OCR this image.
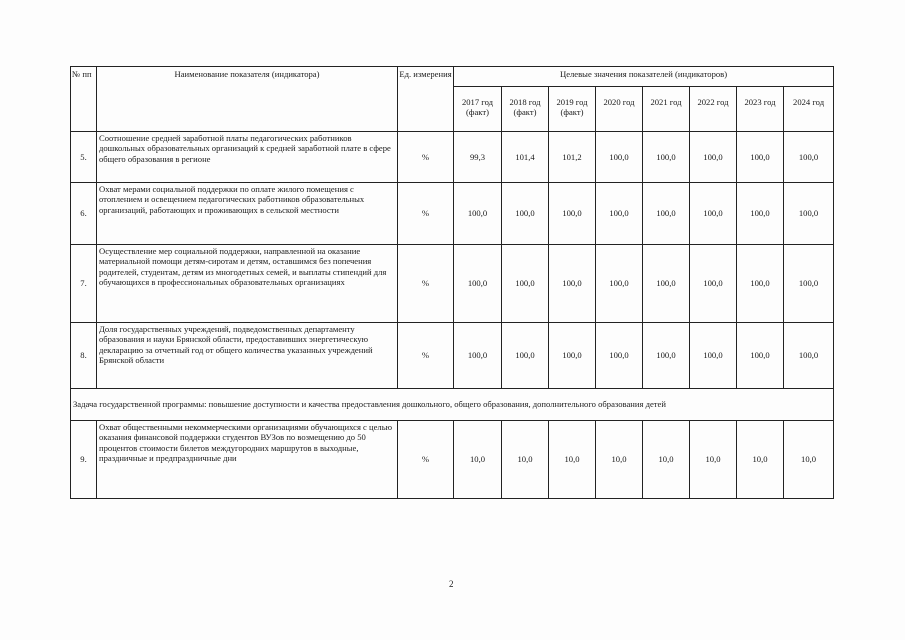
№ пп	Наименование показателя (индикатора)	Ед. измерения	Целевые значения показателей (индикаторов)							
			2017 год (факт)	2018 год (факт)	2019 год (факт)	2020 год	2021 год	2022 год	2023 год	2024 год
5.	Соотношение средней заработной платы педагогических работников дошкольных образовательных организаций к средней заработной плате в сфере общего образования в регионе	%	99,3	101,4	101,2	100,0	100,0	100,0	100,0	100,0
6.	Охват мерами социальной поддержки по оплате жилого помещения с отоплением и освещением педагогических работников образовательных организаций, работающих и проживающих в сельской местности	%	100,0	100,0	100,0	100,0	100,0	100,0	100,0	100,0
7.	Осуществление мер социальной поддержки, направленной на оказание материальной помощи детям-сиротам и детям, оставшимся без попечения родителей, студентам, детям из многодетных семей, и выплаты стипендий для обучающихся в профессиональных образовательных организациях	%	100,0	100,0	100,0	100,0	100,0	100,0	100,0	100,0
8.	Доля государственных учреждений, подведомственных департаменту образования и науки Брянской области, предоставивших энергетическую декларацию за отчетный год от общего количества указанных учреждений Брянской области	%	100,0	100,0	100,0	100,0	100,0	100,0	100,0	100,0
Задача государственной программы: повышение доступности и качества предоставления дошкольного, общего образования, дополнительного образования детей										
9.	Охват общественными некоммерческими организациями обучающихся с целью оказания финансовой поддержки студентов ВУЗов по возмещению до 50 процентов стоимости билетов междугородних маршрутов в выходные, праздничные и предпраздничные дни	%	10,0	10,0	10,0	10,0	10,0	10,0	10,0	10,0
2
